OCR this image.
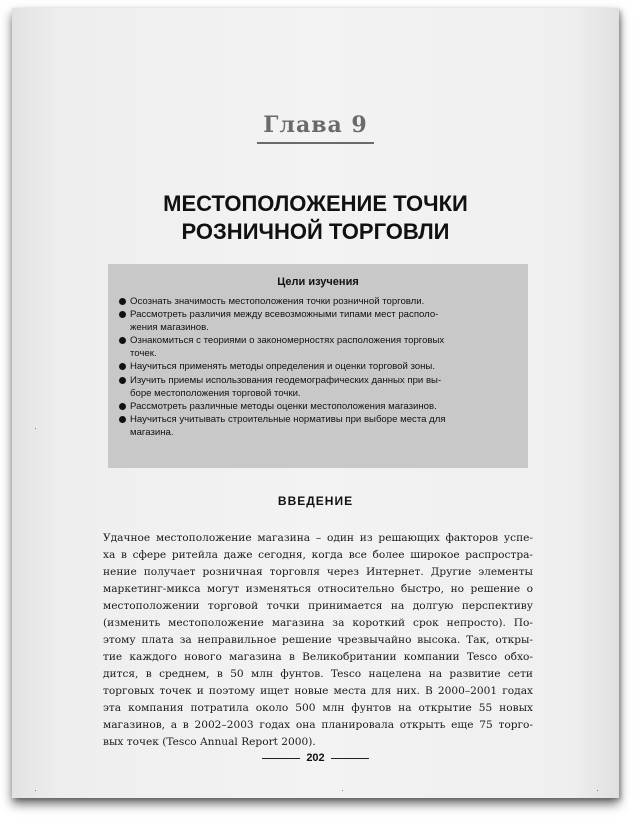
Глава 9
МЕСТОПОЛОЖЕНИЕ ТОЧКИ
РОЗНИЧНОЙ ТОРГОВЛИ
Цели изучения
Осознать значимость местоположения точки розничной торговли.
Рассмотреть различия между всевозможными типами мест располо-
жения магазинов.
Ознакомиться с теориями о закономерностях расположения торговых
точек.
Научиться применять методы определения и оценки торговой зоны.
Изучить приемы использования геодемографических данных при вы-
боре местоположения торговой точки.
Рассмотреть различные методы оценки местоположения магазинов.
Научиться учитывать строительные нормативы при выборе места для
магазина.
ВВЕДЕНИЕ
Удачное местоположение магазина – один из решающих факторов успе-
ха в сфере ритейла даже сегодня, когда все более широкое распростра-
нение получает розничная торговля через Интернет. Другие элементы
маркетинг-микса могут изменяться относительно быстро, но решение о
местоположении торговой точки принимается на долгую перспективу
(изменить местоположение магазина за короткий срок непросто). По-
этому плата за неправильное решение чрезвычайно высока. Так, откры-
тие каждого нового магазина в Великобритании компании Tesco обхо-
дится, в среднем, в 50 млн фунтов. Tesco нацелена на развитие сети
торговых точек и поэтому ищет новые места для них. В 2000–2001 годах
эта компания потратила около 500 млн фунтов на открытие 55 новых
магазинов, а в 2002–2003 годах она планировала открыть еще 75 торго-
вых точек (Tesco Annual Report 2000).
202
